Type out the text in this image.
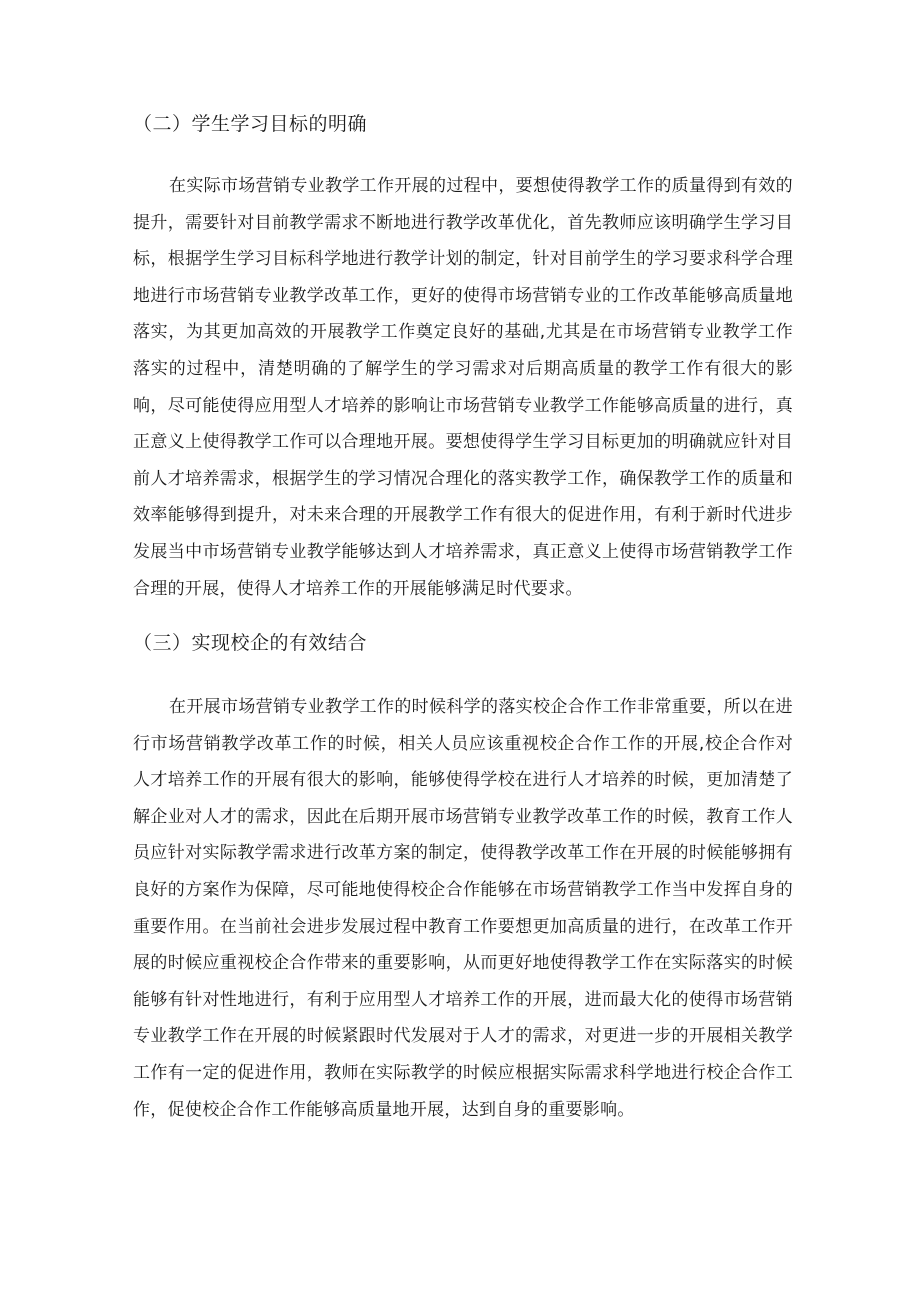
（二）学生学习目标的明确

在实际市场营销专业教学工作开展的过程中，要想使得教学工作的质量得到有效的提升，需要针对目前教学需求不断地进行教学改革优化，首先教师应该明确学生学习目标，根据学生学习目标科学地进行教学计划的制定，针对目前学生的学习要求科学合理地进行市场营销专业教学改革工作，更好的使得市场营销专业的工作改革能够高质量地落实，为其更加高效的开展教学工作奠定良好的基础,尤其是在市场营销专业教学工作落实的过程中，清楚明确的了解学生的学习需求对后期高质量的教学工作有很大的影响，尽可能使得应用型人才培养的影响让市场营销专业教学工作能够高质量的进行，真正意义上使得教学工作可以合理地开展。要想使得学生学习目标更加的明确就应针对目前人才培养需求，根据学生的学习情况合理化的落实教学工作，确保教学工作的质量和效率能够得到提升，对未来合理的开展教学工作有很大的促进作用，有利于新时代进步发展当中市场营销专业教学能够达到人才培养需求，真正意义上使得市场营销教学工作合理的开展，使得人才培养工作的开展能够满足时代要求。

（三）实现校企的有效结合

在开展市场营销专业教学工作的时候科学的落实校企合作工作非常重要，所以在进行市场营销教学改革工作的时候，相关人员应该重视校企合作工作的开展,校企合作对人才培养工作的开展有很大的影响，能够使得学校在进行人才培养的时候，更加清楚了解企业对人才的需求，因此在后期开展市场营销专业教学改革工作的时候，教育工作人员应针对实际教学需求进行改革方案的制定，使得教学改革工作在开展的时候能够拥有良好的方案作为保障，尽可能地使得校企合作能够在市场营销教学工作当中发挥自身的重要作用。在当前社会进步发展过程中教育工作要想更加高质量的进行，在改革工作开展的时候应重视校企合作带来的重要影响，从而更好地使得教学工作在实际落实的时候能够有针对性地进行，有利于应用型人才培养工作的开展，进而最大化的使得市场营销专业教学工作在开展的时候紧跟时代发展对于人才的需求，对更进一步的开展相关教学工作有一定的促进作用，教师在实际教学的时候应根据实际需求科学地进行校企合作工作，促使校企合作工作能够高质量地开展，达到自身的重要影响。
